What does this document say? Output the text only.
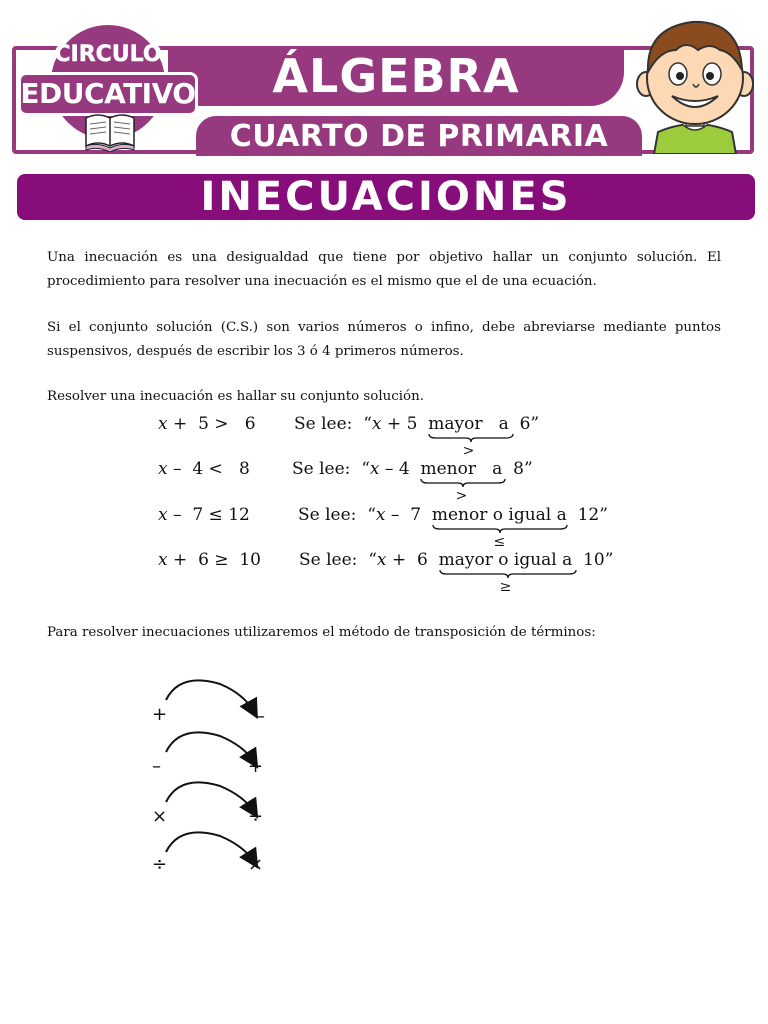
ÁLGEBRA
CUARTO DE PRIMARIA
CIRCULO
EDUCATIVO
INECUACIONES

Una inecuación es una desigualdad que tiene por objetivo hallar un conjunto solución. El procedimiento para resolver una inecuación es el mismo que el de una ecuación.

Si el conjunto solución (C.S.) son varios números o infino, debe abreviarse mediante puntos suspensivos, después de escribir los 3 ó 4 primeros números.

Resolver una inecuación es hallar su conjunto solución.

x + 5 > 6 Se lee: “x + 5 mayor   a
>
6”
x – 4 < 8 Se lee: “x – 4 menor   a
>
8”
x – 7 ≤ 12	Se lee: “x – 7 menor o igual a
≤
12”
x + 6 ≥ 10 Se lee: “x + 6 mayor o igual a
≥
10”

Para resolver inecuaciones utilizaremos el método de transposición de términos:

+	–
–	+
×	÷
÷	×
